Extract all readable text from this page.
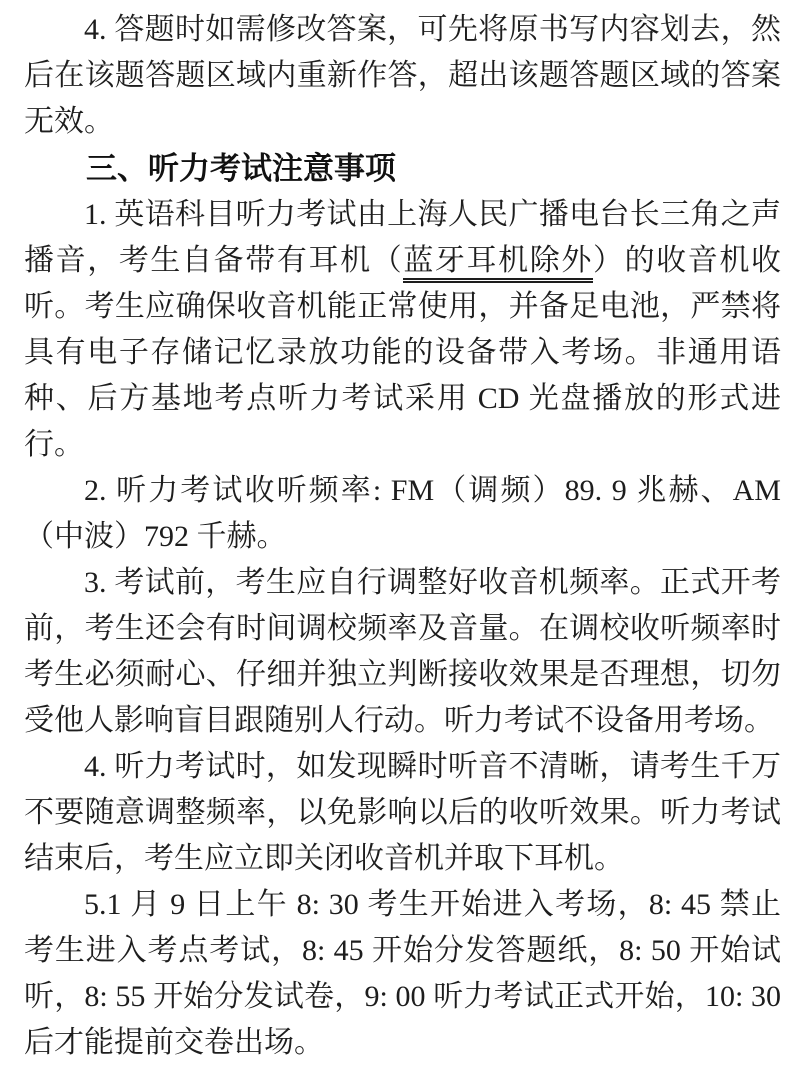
4. 答题时如需修改答案，可先将原书写内容划去，然后在该题答题区域内重新作答，超出该题答题区域的答案无效。

三、听力考试注意事项

1. 英语科目听力考试由上海人民广播电台长三角之声播音，考生自备带有耳机（蓝牙耳机除外）的收音机收听。考生应确保收音机能正常使用，并备足电池，严禁将具有电子存储记忆录放功能的设备带入考场。非通用语种、后方基地考点听力考试采用 CD 光盘播放的形式进行。

2. 听力考试收听频率: FM（调频）89. 9 兆赫、AM（中波）792 千赫。

3. 考试前，考生应自行调整好收音机频率。正式开考前，考生还会有时间调校频率及音量。在调校收听频率时考生必须耐心、仔细并独立判断接收效果是否理想，切勿受他人影响盲目跟随别人行动。听力考试不设备用考场。

4. 听力考试时，如发现瞬时听音不清晰，请考生千万不要随意调整频率，以免影响以后的收听效果。听力考试结束后，考生应立即关闭收音机并取下耳机。

5.1 月 9 日上午 8: 30 考生开始进入考场，8: 45 禁止考生进入考点考试，8: 45 开始分发答题纸，8: 50 开始试听，8: 55 开始分发试卷，9: 00 听力考试正式开始，10: 30 后才能提前交卷出场。
